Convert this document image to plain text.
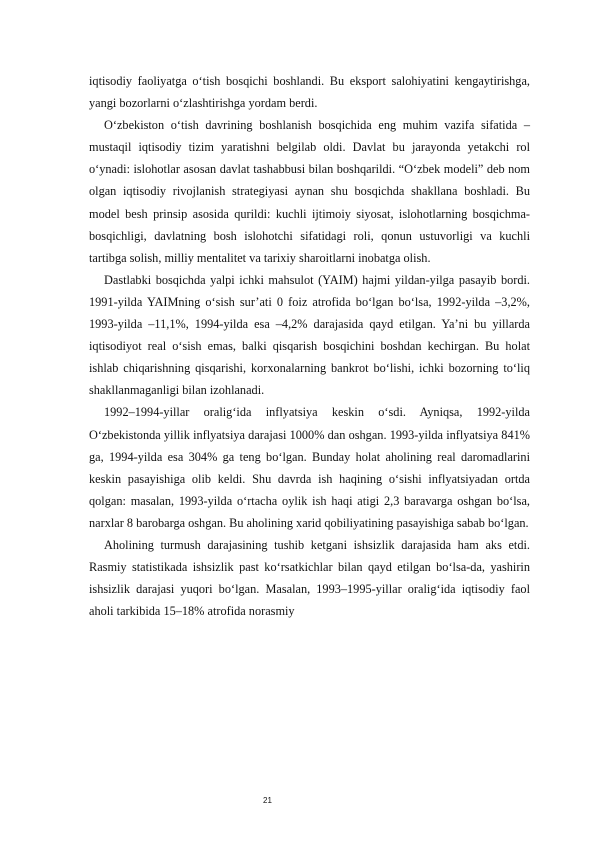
iqtisodiy faoliyatga o‘tish bosqichi boshlandi. Bu eksport salohiyatini kengaytirishga, yangi bozorlarni o‘zlashtirishga yordam berdi.

O‘zbekiston o‘tish davrining boshlanish bosqichida eng muhim vazifa sifatida – mustaqil iqtisodiy tizim yaratishni belgilab oldi. Davlat bu jarayonda yetakchi rol o‘ynadi: islohotlar asosan davlat tashabbusi bilan boshqarildi. “O‘zbek modeli” deb nom olgan iqtisodiy rivojlanish strategiyasi aynan shu bosqichda shakllana boshladi. Bu model besh prinsip asosida qurildi: kuchli ijtimoiy siyosat, islohotlarning bosqichma-bosqichligi, davlatning bosh islohotchi sifatidagi roli, qonun ustuvorligi va kuchli tartibga solish, milliy mentalitet va tarixiy sharoitlarni inobatga olish.

Dastlabki bosqichda yalpi ichki mahsulot (YAIM) hajmi yildan-yilga pasayib bordi. 1991-yilda YAIMning o‘sish sur’ati 0 foiz atrofida bo‘lgan bo‘lsa, 1992-yilda –3,2%, 1993-yilda –11,1%, 1994-yilda esa –4,2% darajasida qayd etilgan. Ya’ni bu yillarda iqtisodiyot real o‘sish emas, balki qisqarish bosqichini boshdan kechirgan. Bu holat ishlab chiqarishning qisqarishi, korxonalarning bankrot bo‘lishi, ichki bozorning to‘liq shakllanmaganligi bilan izohlanadi.

1992–1994-yillar oralig‘ida inflyatsiya keskin o‘sdi. Ayniqsa, 1992-yilda O‘zbekistonda yillik inflyatsiya darajasi 1000% dan oshgan. 1993-yilda inflyatsiya 841% ga, 1994-yilda esa 304% ga teng bo‘lgan. Bunday holat aholining real daromadlarini keskin pasayishiga olib keldi. Shu davrda ish haqining o‘sishi inflyatsiyadan ortda qolgan: masalan, 1993-yilda o‘rtacha oylik ish haqi atigi 2,3 baravarga oshgan bo‘lsa, narxlar 8 barobarga oshgan. Bu aholining xarid qobiliyatining pasayishiga sabab bo‘lgan.

Aholining turmush darajasining tushib ketgani ishsizlik darajasida ham aks etdi. Rasmiy statistikada ishsizlik past ko‘rsatkichlar bilan qayd etilgan bo‘lsa-da, yashirin ishsizlik darajasi yuqori bo‘lgan. Masalan, 1993–1995-yillar oralig‘ida iqtisodiy faol aholi tarkibida 15–18% atrofida norasmiy

21
